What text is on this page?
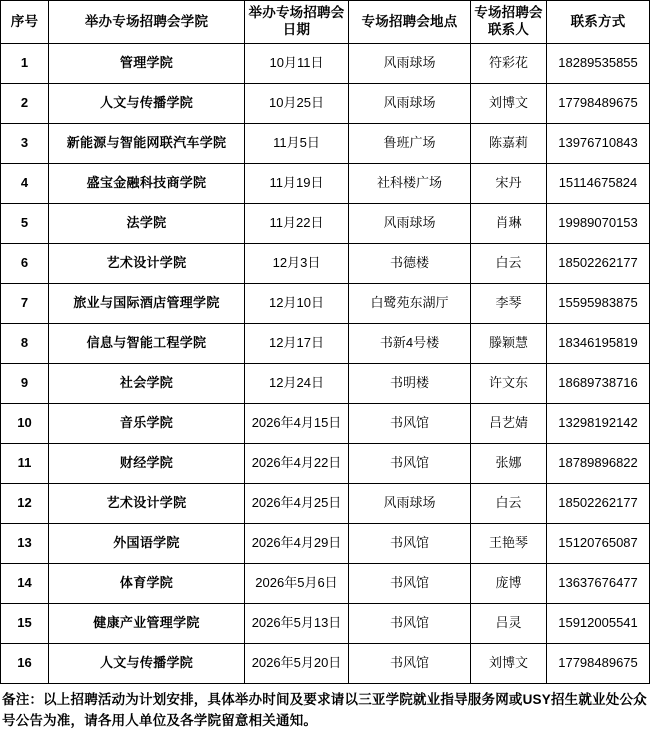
序号	举办专场招聘会学院	举办专场招聘会日期	专场招聘会地点	专场招聘会联系人	联系方式
1	管理学院	10月11日	风雨球场	符彩花	18289535855
2	人文与传播学院	10月25日	风雨球场	刘博文	17798489675
3	新能源与智能网联汽车学院	11月5日	鲁班广场	陈嘉莉	13976710843
4	盛宝金融科技商学院	11月19日	社科楼广场	宋丹	15114675824
5	法学院	11月22日	风雨球场	肖琳	19989070153
6	艺术设计学院	12月3日	书德楼	白云	18502262177
7	旅业与国际酒店管理学院	12月10日	白鹭苑东湖厅	李琴	15595983875
8	信息与智能工程学院	12月17日	书新4号楼	滕颖慧	18346195819
9	社会学院	12月24日	书明楼	许文东	18689738716
10	音乐学院	2026年4月15日	书风馆	吕艺婧	13298192142
11	财经学院	2026年4月22日	书风馆	张娜	18789896822
12	艺术设计学院	2026年4月25日	风雨球场	白云	18502262177
13	外国语学院	2026年4月29日	书风馆	王艳琴	15120765087
14	体育学院	2026年5月6日	书风馆	庞博	13637676477
15	健康产业管理学院	2026年5月13日	书风馆	吕灵	15912005541
16	人文与传播学院	2026年5月20日	书风馆	刘博文	17798489675
备注：以上招聘活动为计划安排，具体举办时间及要求请以三亚学院就业指导服务网或USY招生就业处公众号公告为准，请各用人单位及各学院留意相关通知。
